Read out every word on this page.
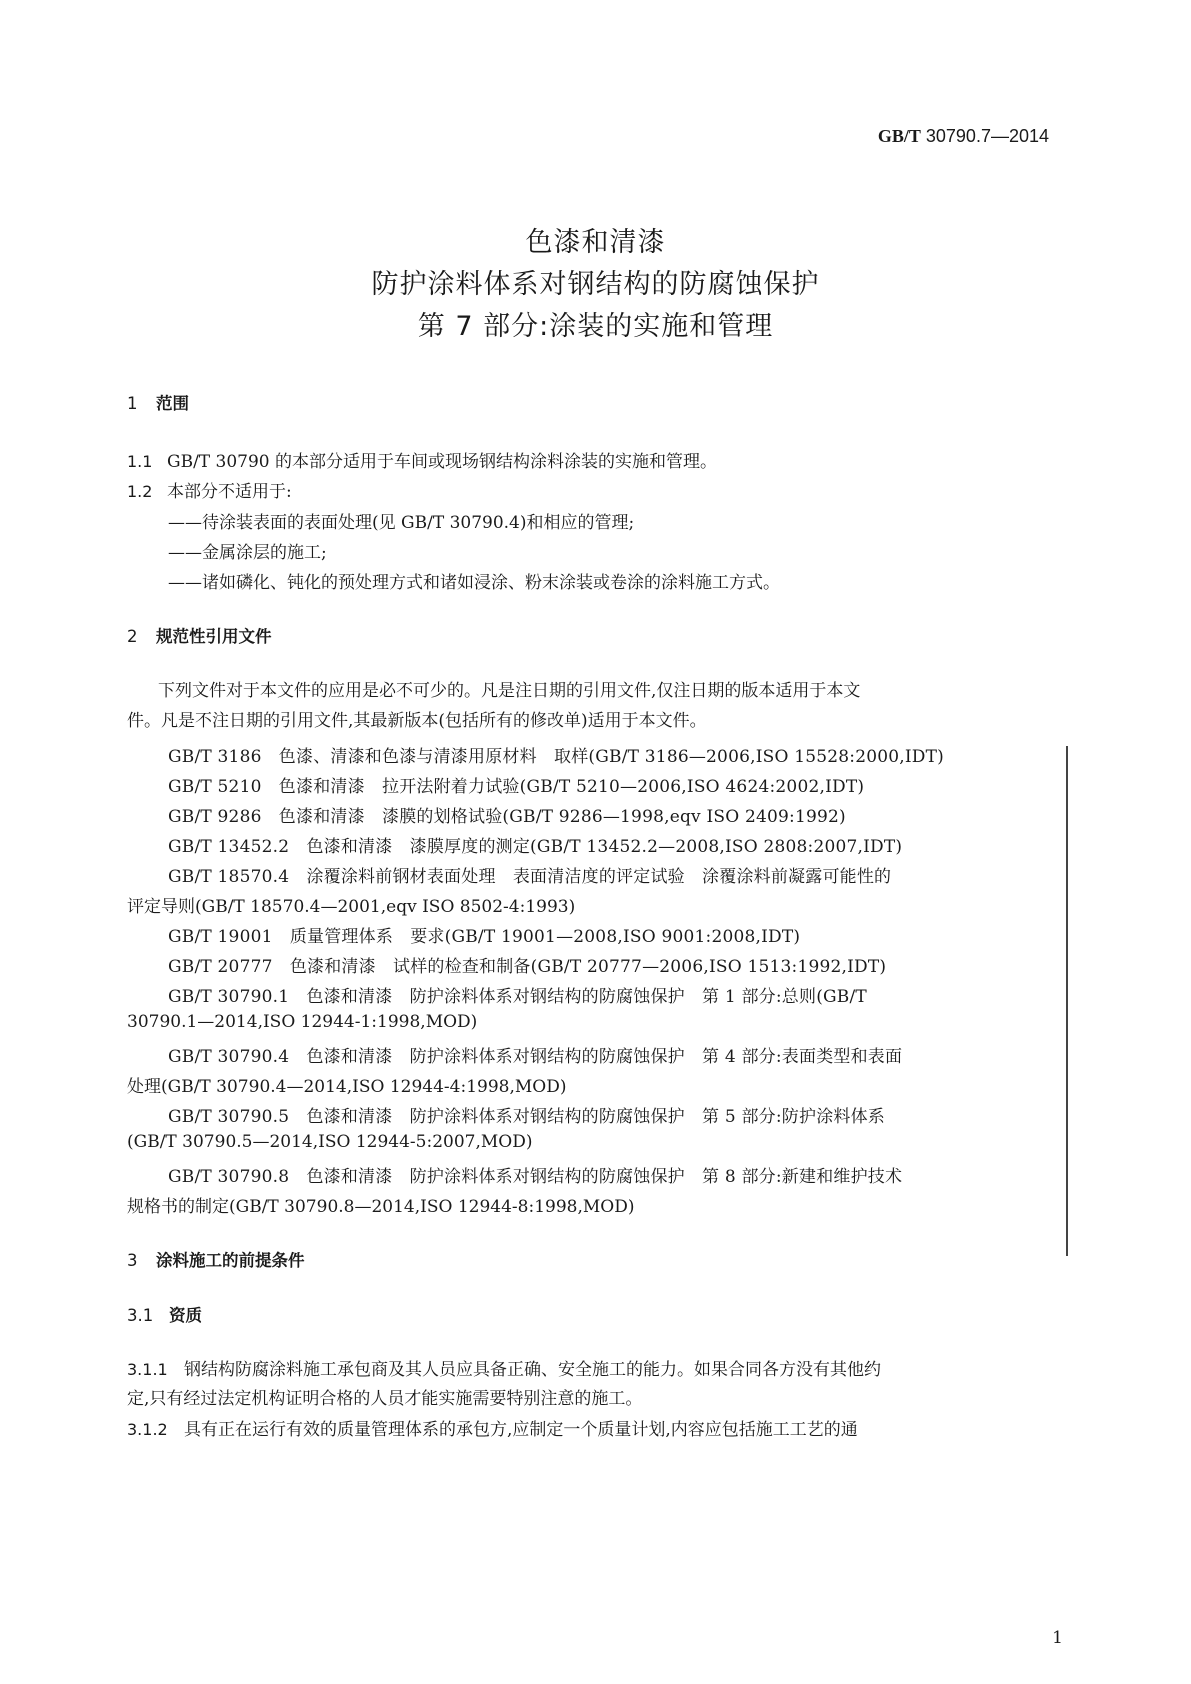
GB/T 30790.7—2014
色漆和清漆
防护涂料体系对钢结构的防腐蚀保护
第 7 部分:涂装的实施和管理
1 范围
1.1 GB/T 30790 的本部分适用于车间或现场钢结构涂料涂装的实施和管理。
1.2 本部分不适用于:
——待涂装表面的表面处理(见 GB/T 30790.4)和相应的管理;
——金属涂层的施工;
——诸如磷化、钝化的预处理方式和诸如浸涂、粉末涂装或卷涂的涂料施工方式。
2 规范性引用文件
下列文件对于本文件的应用是必不可少的。凡是注日期的引用文件,仅注日期的版本适用于本文
件。凡是不注日期的引用文件,其最新版本(包括所有的修改单)适用于本文件。
GB/T 3186　色漆、清漆和色漆与清漆用原材料　取样(GB/T 3186—2006,ISO 15528:2000,IDT)
GB/T 5210　色漆和清漆　拉开法附着力试验(GB/T 5210—2006,ISO 4624:2002,IDT)
GB/T 9286　色漆和清漆　漆膜的划格试验(GB/T 9286—1998,eqv ISO 2409:1992)
GB/T 13452.2　色漆和清漆　漆膜厚度的测定(GB/T 13452.2—2008,ISO 2808:2007,IDT)
GB/T 18570.4　涂覆涂料前钢材表面处理　表面清洁度的评定试验　涂覆涂料前凝露可能性的
评定导则(GB/T 18570.4—2001,eqv ISO 8502-4:1993)
GB/T 19001　质量管理体系　要求(GB/T 19001—2008,ISO 9001:2008,IDT)
GB/T 20777　色漆和清漆　试样的检查和制备(GB/T 20777—2006,ISO 1513:1992,IDT)
GB/T 30790.1　色漆和清漆　防护涂料体系对钢结构的防腐蚀保护　第 1 部分:总则(GB/T
30790.1—2014,ISO 12944-1:1998,MOD)
GB/T 30790.4　色漆和清漆　防护涂料体系对钢结构的防腐蚀保护　第 4 部分:表面类型和表面
处理(GB/T 30790.4—2014,ISO 12944-4:1998,MOD)
GB/T 30790.5　色漆和清漆　防护涂料体系对钢结构的防腐蚀保护　第 5 部分:防护涂料体系
(GB/T 30790.5—2014,ISO 12944-5:2007,MOD)
GB/T 30790.8　色漆和清漆　防护涂料体系对钢结构的防腐蚀保护　第 8 部分:新建和维护技术
规格书的制定(GB/T 30790.8—2014,ISO 12944-8:1998,MOD)
3 涂料施工的前提条件
3.1 资质
3.1.1 钢结构防腐涂料施工承包商及其人员应具备正确、安全施工的能力。如果合同各方没有其他约
定,只有经过法定机构证明合格的人员才能实施需要特别注意的施工。
3.1.2 具有正在运行有效的质量管理体系的承包方,应制定一个质量计划,内容应包括施工工艺的通
1
